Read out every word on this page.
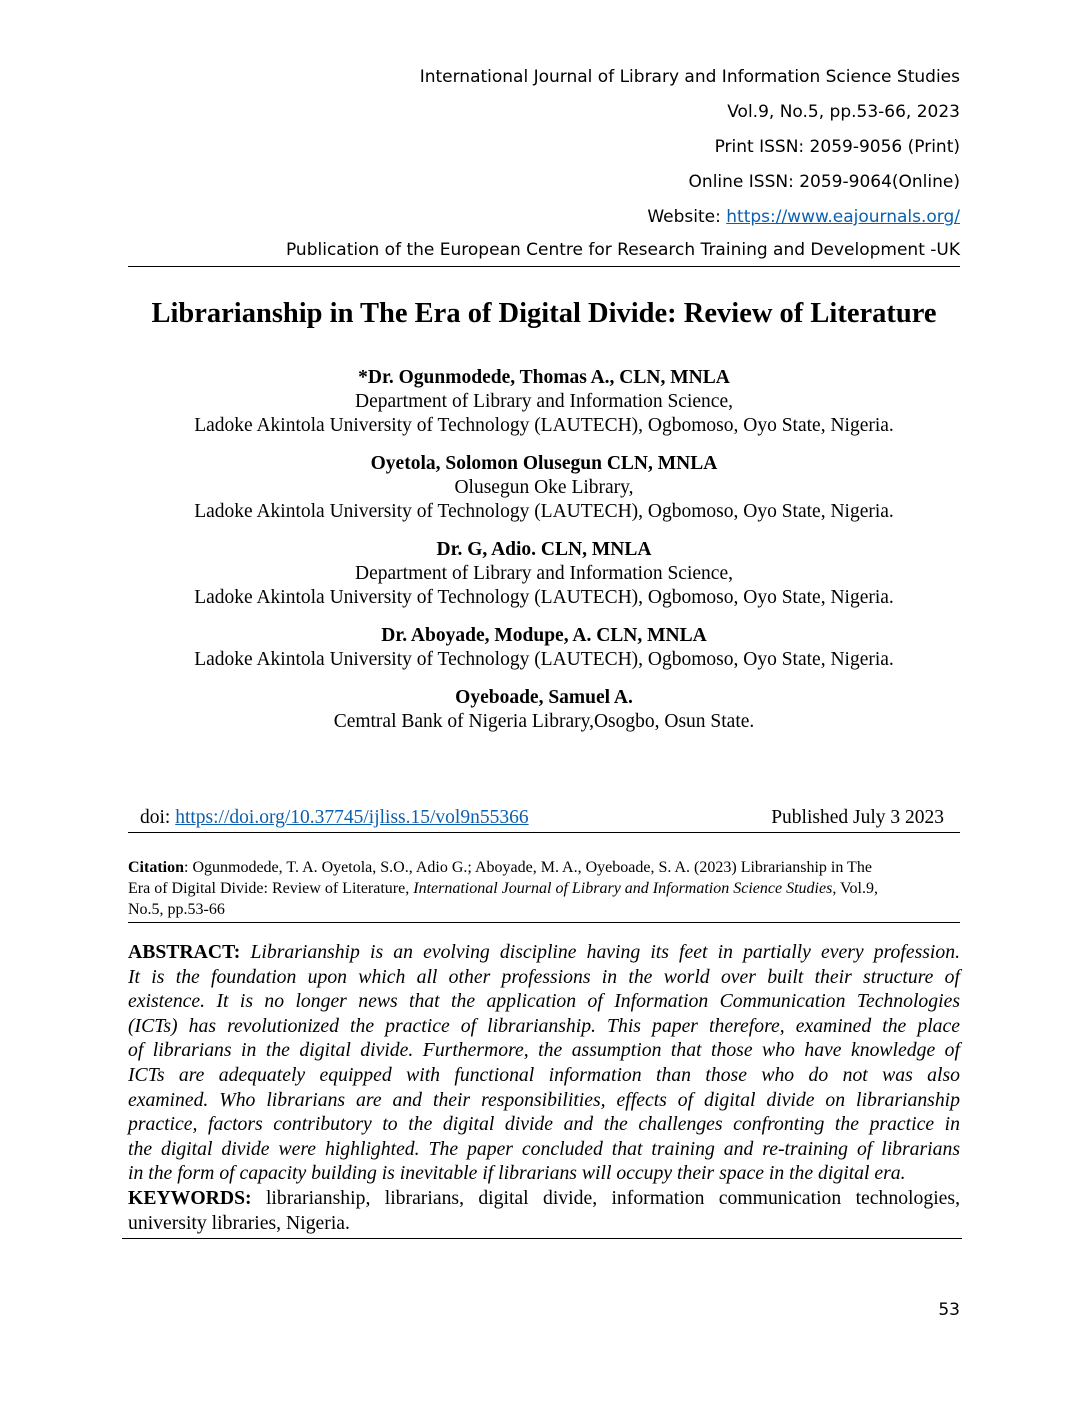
International Journal of Library and Information Science Studies
Vol.9, No.5, pp.53-66, 2023
Print ISSN: 2059-9056 (Print)
Online ISSN: 2059-9064(Online)
Website: https://www.eajournals.org/
Publication of the European Centre for Research Training and Development -UK
Librarianship in The Era of Digital Divide: Review of Literature
*Dr. Ogunmodede, Thomas A., CLN, MNLA
Department of Library and Information Science,
Ladoke Akintola University of Technology (LAUTECH), Ogbomoso, Oyo State, Nigeria.
Oyetola, Solomon Olusegun CLN, MNLA
Olusegun Oke Library,
Ladoke Akintola University of Technology (LAUTECH), Ogbomoso, Oyo State, Nigeria.
Dr. G, Adio. CLN, MNLA
Department of Library and Information Science,
Ladoke Akintola University of Technology (LAUTECH), Ogbomoso, Oyo State, Nigeria.
Dr. Aboyade, Modupe, A. CLN, MNLA
Ladoke Akintola University of Technology (LAUTECH), Ogbomoso, Oyo State, Nigeria.
Oyeboade, Samuel A.
Cemtral Bank of Nigeria Library,Osogbo, Osun State.
doi: https://doi.org/10.37745/ijliss.15/vol9n55366	Published July 3 2023
Citation: Ogunmodede, T. A. Oyetola, S.O., Adio G.; Aboyade, M. A., Oyeboade, S. A. (2023) Librarianship in The
Era of Digital Divide: Review of Literature, International Journal of Library and Information Science Studies, Vol.9,
No.5, pp.53-66
ABSTRACT: Librarianship is an evolving discipline having its feet in partially every profession.
It is the foundation upon which all other professions in the world over built their structure of
existence. It is no longer news that the application of Information Communication Technologies
(ICTs) has revolutionized the practice of librarianship. This paper therefore, examined the place
of librarians in the digital divide. Furthermore, the assumption that those who have knowledge of
ICTs are adequately equipped with functional information than those who do not was also
examined. Who librarians are and their responsibilities, effects of digital divide on librarianship
practice, factors contributory to the digital divide and the challenges confronting the practice in
the digital divide were highlighted. The paper concluded that training and re-training of librarians
in the form of capacity building is inevitable if librarians will occupy their space in the digital era.
KEYWORDS: librarianship, librarians, digital divide, information communication technologies,
university libraries, Nigeria.
53
